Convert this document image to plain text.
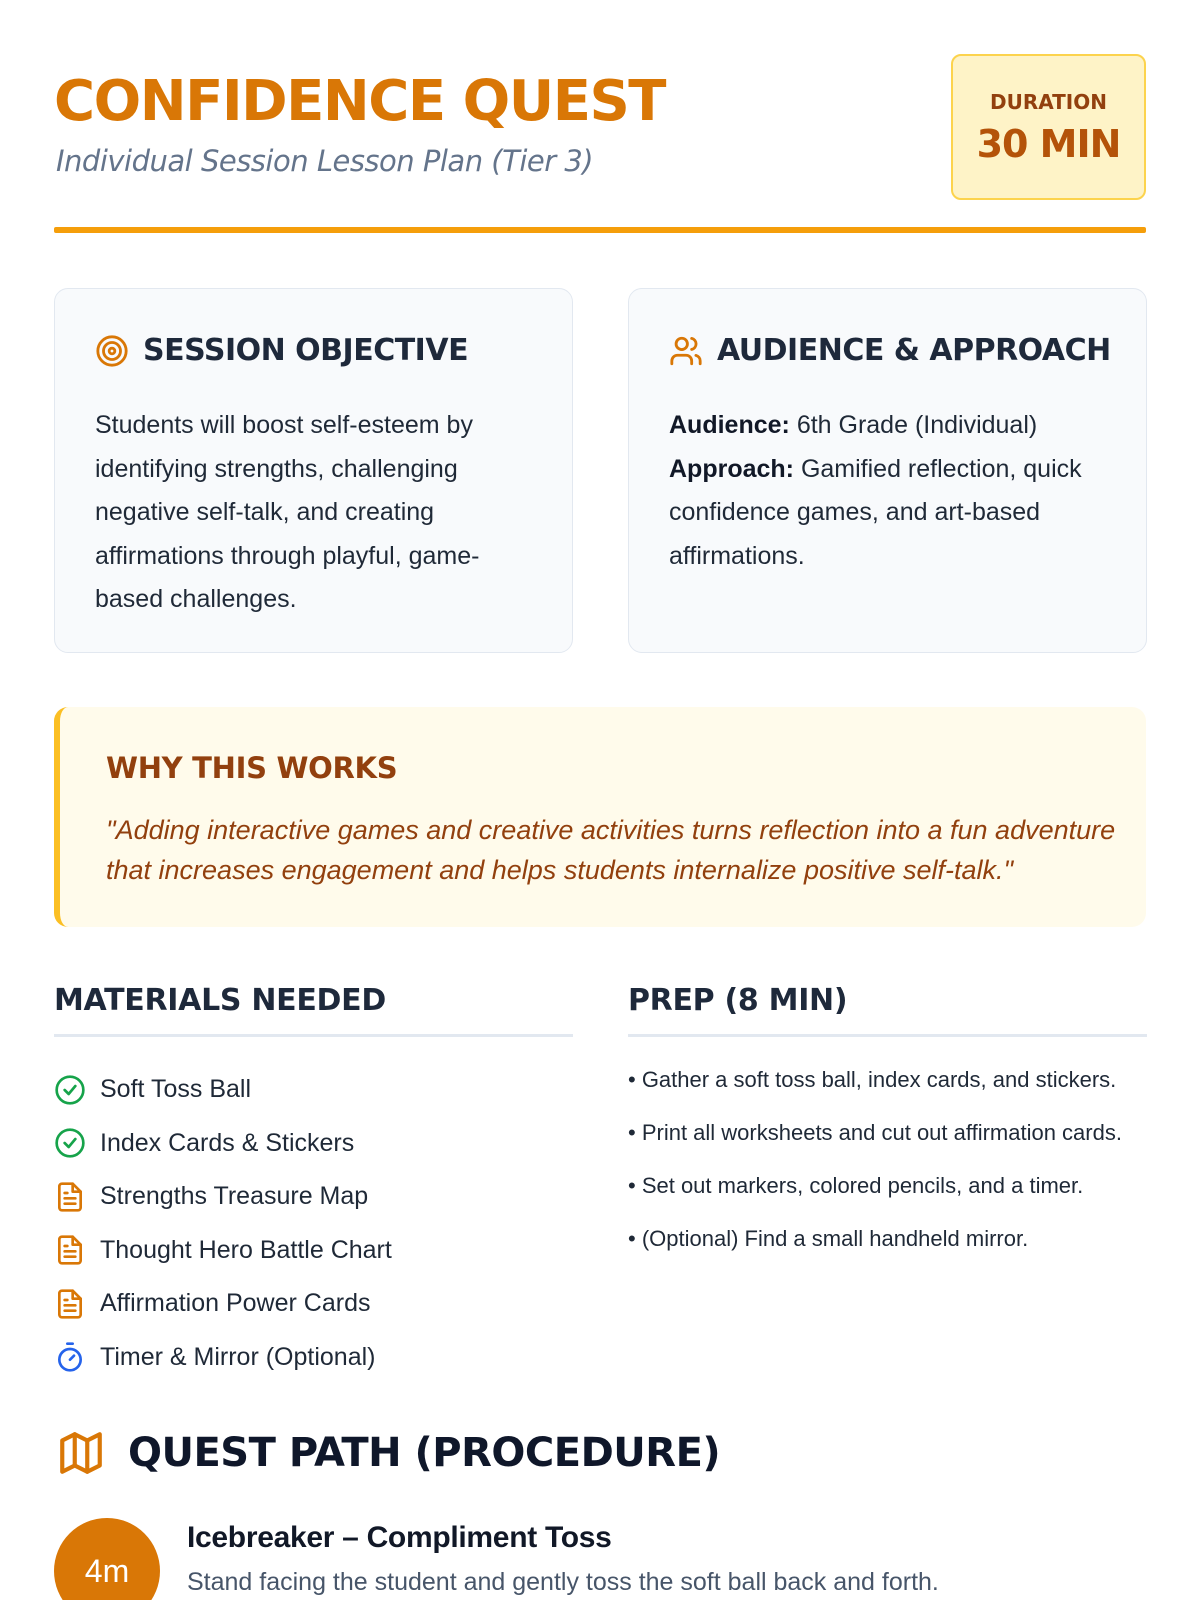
CONFIDENCE QUEST
Individual Session Lesson Plan (Tier 3)
DURATION
30 MIN
SESSION OBJECTIVE

Students will boost self-esteem by identifying strengths, challenging negative self-talk, and creating affirmations through playful, game-based challenges.

AUDIENCE & APPROACH
Audience: 6th Grade (Individual)
Approach: Gamified reflection, quick confidence games, and art-based affirmations.
WHY THIS WORKS

"Adding interactive games and creative activities turns reflection into a fun adventure that increases engagement and helps students internalize positive self-talk."

MATERIALS NEEDED
Soft Toss Ball
Index Cards & Stickers
Strengths Treasure Map
Thought Hero Battle Chart
Affirmation Power Cards
Timer & Mirror (Optional)
PREP (8 MIN)
• Gather a soft toss ball, index cards, and stickers.
• Print all worksheets and cut out affirmation cards.
• Set out markers, colored pencils, and a timer.
• (Optional) Find a small handheld mirror.
QUEST PATH (PROCEDURE)
4m
Icebreaker – Compliment Toss
Stand facing the student and gently toss the soft ball back and forth.
